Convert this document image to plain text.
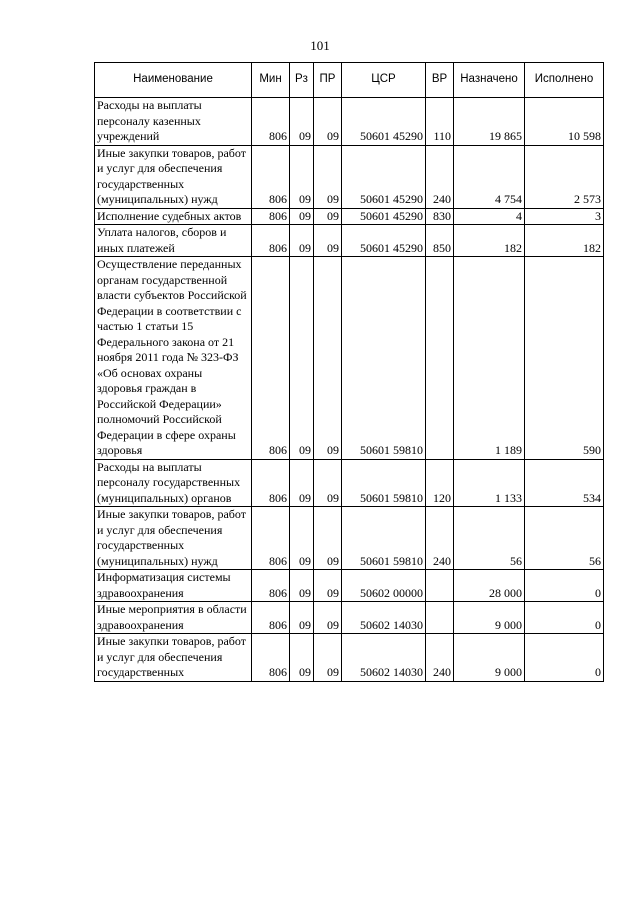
101
Наименование	Мин	Рз	ПР	ЦСР	ВР	Назначено	Исполнено
Расходы на выплаты персоналу казенных учреждений	806	09	09	50601 45290	110	19 865	10 598
Иные закупки товаров, работ и услуг для обеспечения государственных (муниципальных) нужд	806	09	09	50601 45290	240	4 754	2 573
Исполнение судебных актов	806	09	09	50601 45290	830	4	3
Уплата налогов, сборов и иных платежей	806	09	09	50601 45290	850	182	182
Осуществление переданных органам государственной власти субъектов Российской Федерации в соответствии с частью 1 статьи 15 Федерального закона от 21 ноября 2011 года № 323-ФЗ «Об основах охраны здоровья граждан в Российской Федерации» полномочий Российской Федерации в сфере охраны здоровья	806	09	09	50601 59810		1 189	590
Расходы на выплаты персоналу государственных (муниципальных) органов	806	09	09	50601 59810	120	1 133	534
Иные закупки товаров, работ и услуг для обеспечения государственных (муниципальных) нужд	806	09	09	50601 59810	240	56	56
Информатизация системы здравоохранения	806	09	09	50602 00000		28 000	0
Иные мероприятия в области здравоохранения	806	09	09	50602 14030		9 000	0
Иные закупки товаров, работ и услуг для обеспечения государственных	806	09	09	50602 14030	240	9 000	0
